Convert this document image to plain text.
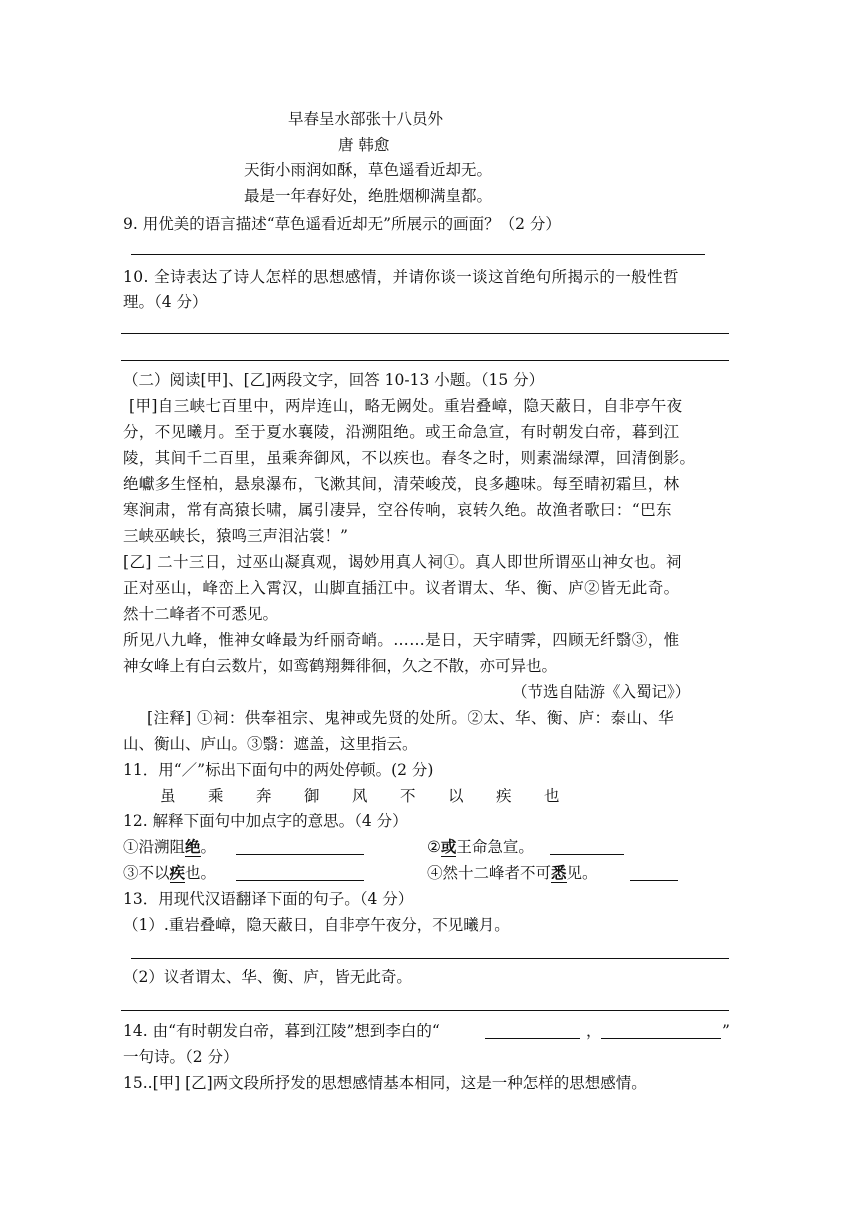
早春呈水部张十八员外
唐 韩愈
天街小雨润如酥，草色遥看近却无。
最是一年春好处，绝胜烟柳满皇都。
9. 用优美的语言描述“草色遥看近却无”所展示的画面？（2 分）
10. 全诗表达了诗人怎样的思想感情，并请你谈一谈这首绝句所揭示的一般性哲
理。（4 分）
（二）阅读[甲]、[乙]两段文字，回答 10-13 小题。（15 分）
[甲]自三峡七百里中，两岸连山，略无阙处。重岩叠嶂，隐天蔽日，自非亭午夜
分，不见曦月。至于夏水襄陵，沿溯阻绝。或王命急宣，有时朝发白帝，暮到江
陵，其间千二百里，虽乘奔御风，不以疾也。春冬之时，则素湍绿潭，回清倒影。
绝巘多生怪柏，悬泉瀑布，飞漱其间，清荣峻茂，良多趣味。每至晴初霜旦，林
寒涧肃，常有高猿长啸，属引凄异，空谷传响，哀转久绝。故渔者歌曰：“巴东
三峡巫峡长，猿鸣三声泪沾裳！”
[乙] 二十三日，过巫山凝真观，谒妙用真人祠①。真人即世所谓巫山神女也。祠
正对巫山，峰峦上入霄汉，山脚直插江中。议者谓太、华、衡、庐②皆无此奇。
然十二峰者不可悉见。
所见八九峰，惟神女峰最为纤丽奇峭。……是日，天宇晴霁，四顾无纤翳③，惟
神女峰上有白云数片，如鸾鹤翔舞徘徊，久之不散，亦可异也。
（节选自陆游《入蜀记》）
[注释] ①祠：供奉祖宗、鬼神或先贤的处所。②太、华、衡、庐：泰山、华
山、衡山、庐山。③翳：遮盖，这里指云。
11．用“／”标出下面句中的两处停顿。(2 分)
虽 乘 奔 御 风 不 以 疾 也
12. 解释下面句中加点字的意思。（4 分）
①沿溯阻绝。	②或王命急宣。
③不以疾也。	④然十二峰者不可悉见。
13．用现代汉语翻译下面的句子。（4 分）
（1）.重岩叠嶂，隐天蔽日，自非亭午夜分，不见曦月。
（2）议者谓太、华、衡、庐，皆无此奇。
14. 由“有时朝发白帝，暮到江陵”想到李白的“	，	”
一句诗。（2 分）
15..[甲] [乙]两文段所抒发的思想感情基本相同，这是一种怎样的思想感情。
